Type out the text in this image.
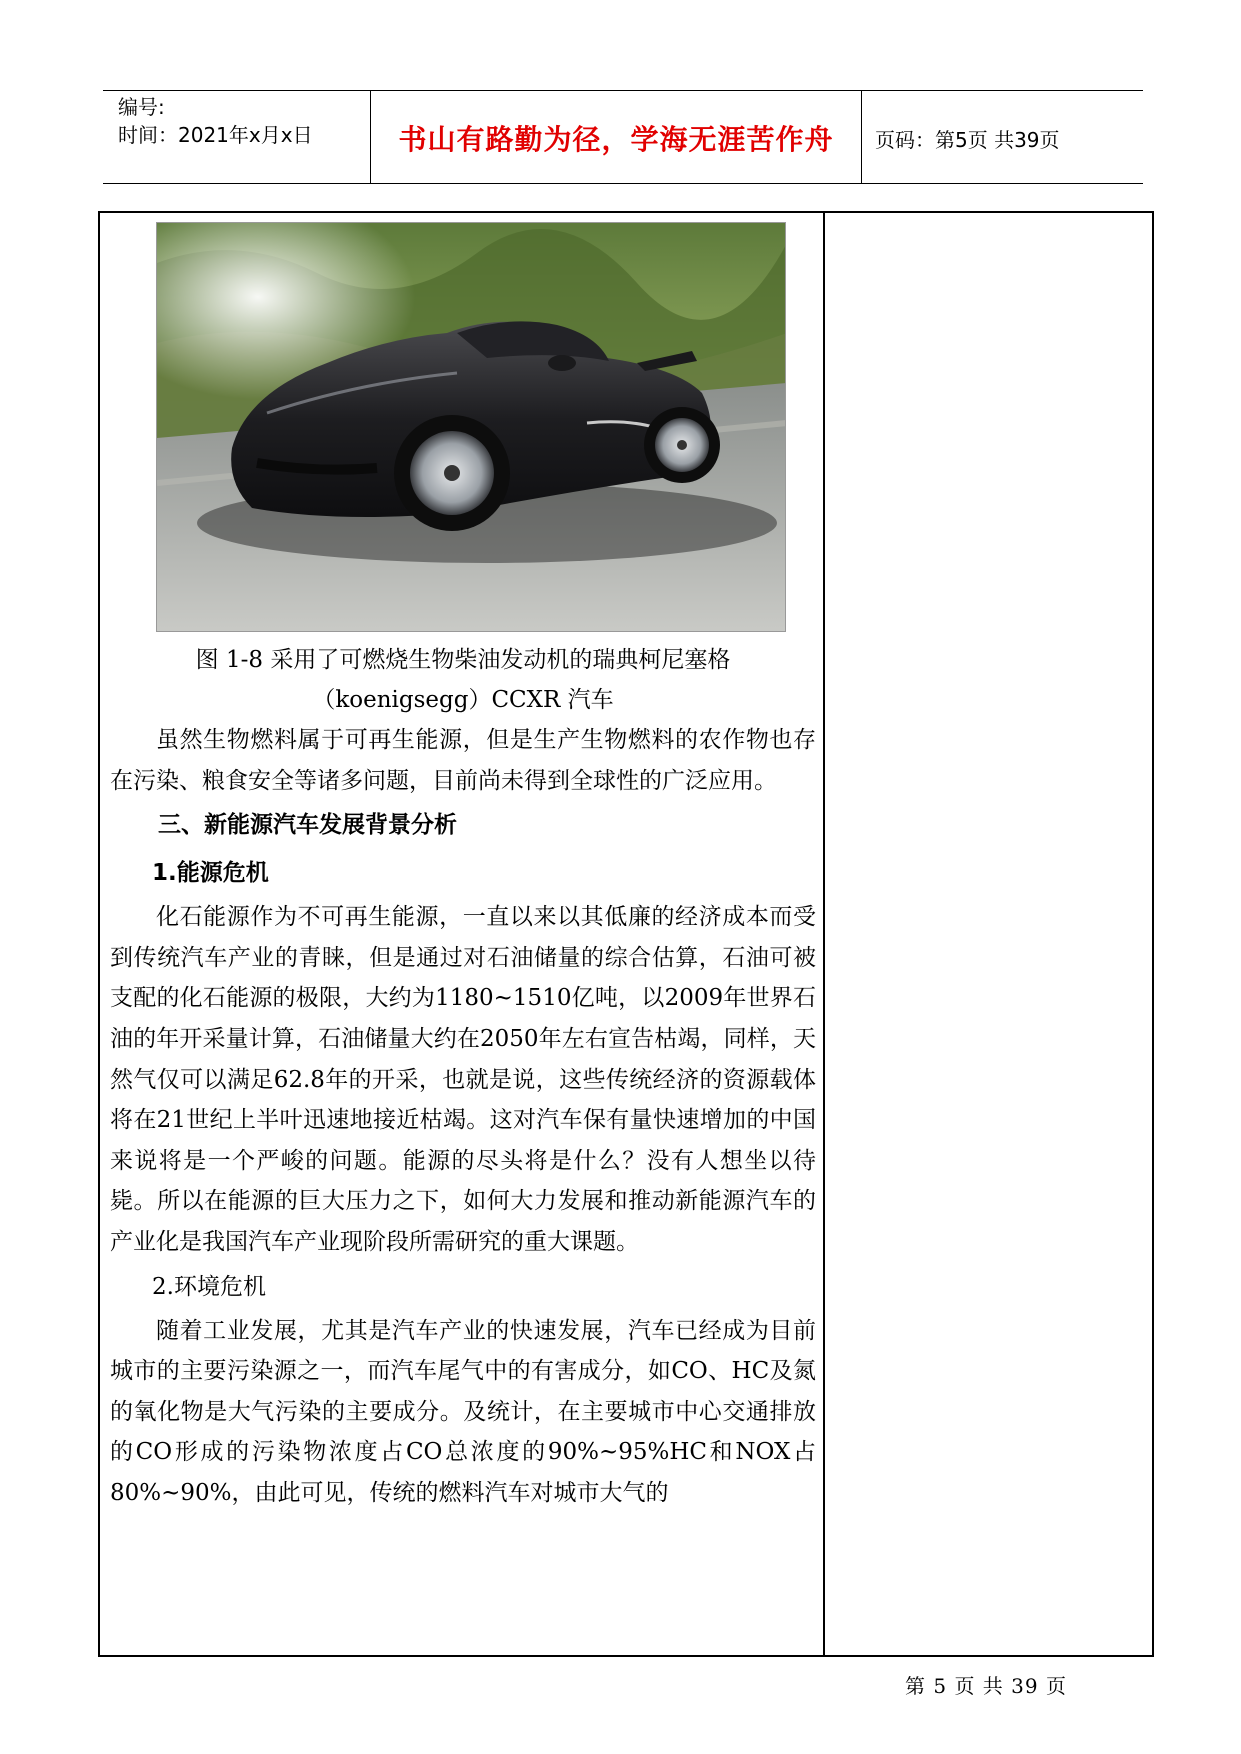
编号:
时间：2021年x月x日	书山有路勤为径，学海无涯苦作舟	页码：第5页 共39页
图 1-8 采用了可燃烧生物柴油发动机的瑞典柯尼塞格
（koenigsegg）CCXR 汽车

虽然生物燃料属于可再生能源，但是生产生物燃料的农作物也存在污染、粮食安全等诸多问题，目前尚未得到全球性的广泛应用。

三、新能源汽车发展背景分析

1.能源危机

化石能源作为不可再生能源，一直以来以其低廉的经济成本而受到传统汽车产业的青睐，但是通过对石油储量的综合估算，石油可被支配的化石能源的极限，大约为1180~1510亿吨，以2009年世界石油的年开采量计算，石油储量大约在2050年左右宣告枯竭，同样，天然气仅可以满足62.8年的开采，也就是说，这些传统经济的资源载体将在21世纪上半叶迅速地接近枯竭。这对汽车保有量快速增加的中国来说将是一个严峻的问题。能源的尽头将是什么？没有人想坐以待毙。所以在能源的巨大压力之下，如何大力发展和推动新能源汽车的产业化是我国汽车产业现阶段所需研究的重大课题。

2.环境危机

随着工业发展，尤其是汽车产业的快速发展，汽车已经成为目前城市的主要污染源之一，而汽车尾气中的有害成分，如CO、HC及氮的氧化物是大气污染的主要成分。及统计，在主要城市中心交通排放的CO形成的污染物浓度占CO总浓度的90%~95%HC和NOX占80%~90%，由此可见，传统的燃料汽车对城市大气的

第 5 页 共 39 页
